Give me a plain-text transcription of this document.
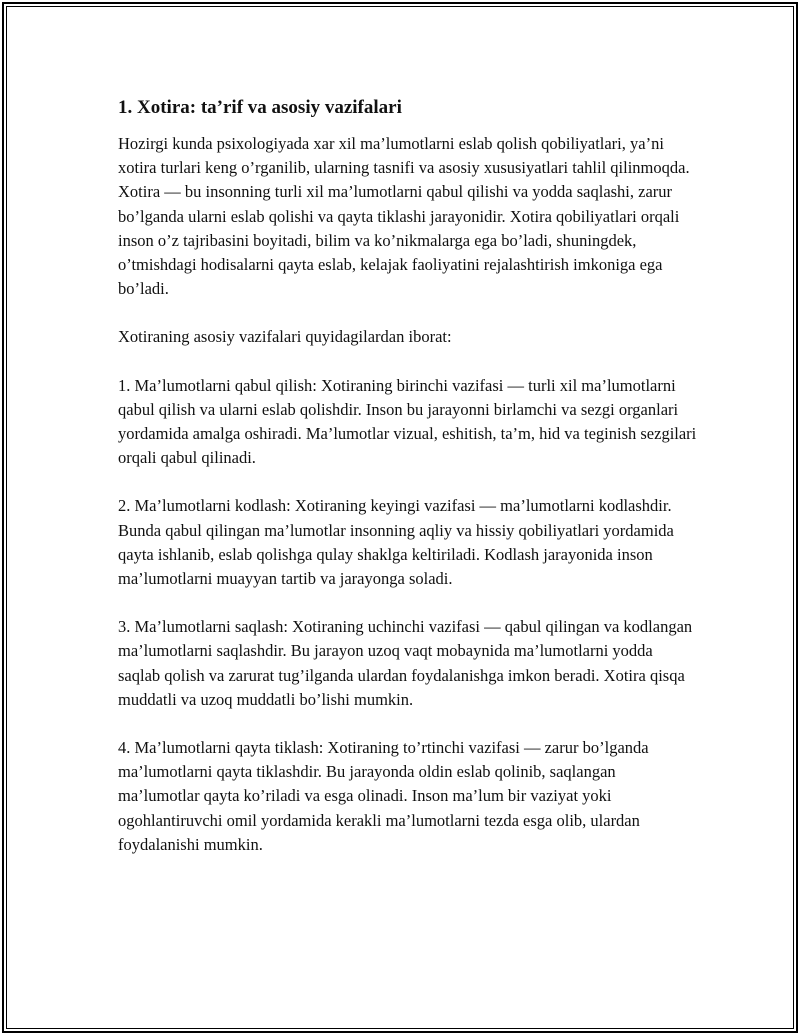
1. Xotira: ta’rif va asosiy vazifalari

Hozirgi kunda psixologiyada xar xil ma’lumotlarni eslab qolish qobiliyatlari, ya’ni xotira turlari keng o’rganilib, ularning tasnifi va asosiy xususiyatlari tahlil qilinmoqda. Xotira — bu insonning turli xil ma’lumotlarni qabul qilishi va yodda saqlashi, zarur bo’lganda ularni eslab qolishi va qayta tiklashi jarayonidir. Xotira qobiliyatlari orqali inson o’z tajribasini boyitadi, bilim va ko’nikmalarga ega bo’ladi, shuningdek, o’tmishdagi hodisalarni qayta eslab, kelajak faoliyatini rejalashtirish imkoniga ega bo’ladi.

Xotiraning asosiy vazifalari quyidagilardan iborat:

1. Ma’lumotlarni qabul qilish: Xotiraning birinchi vazifasi — turli xil ma’lumotlarni qabul qilish va ularni eslab qolishdir. Inson bu jarayonni birlamchi va sezgi organlari yordamida amalga oshiradi. Ma’lumotlar vizual, eshitish, ta’m, hid va teginish sezgilari orqali qabul qilinadi.

2. Ma’lumotlarni kodlash: Xotiraning keyingi vazifasi — ma’lumotlarni kodlashdir. Bunda qabul qilingan ma’lumotlar insonning aqliy va hissiy qobiliyatlari yordamida qayta ishlanib, eslab qolishga qulay shaklga keltiriladi. Kodlash jarayonida inson ma’lumotlarni muayyan tartib va jarayonga soladi.

3. Ma’lumotlarni saqlash: Xotiraning uchinchi vazifasi — qabul qilingan va kodlangan ma’lumotlarni saqlashdir. Bu jarayon uzoq vaqt mobaynida ma’lumotlarni yodda saqlab qolish va zarurat tug’ilganda ulardan foydalanishga imkon beradi. Xotira qisqa muddatli va uzoq muddatli bo’lishi mumkin.

4. Ma’lumotlarni qayta tiklash: Xotiraning to’rtinchi vazifasi — zarur bo’lganda ma’lumotlarni qayta tiklashdir. Bu jarayonda oldin eslab qolinib, saqlangan ma’lumotlar qayta ko’riladi va esga olinadi. Inson ma’lum bir vaziyat yoki ogohlantiruvchi omil yordamida kerakli ma’lumotlarni tezda esga olib, ulardan foydalanishi mumkin.
